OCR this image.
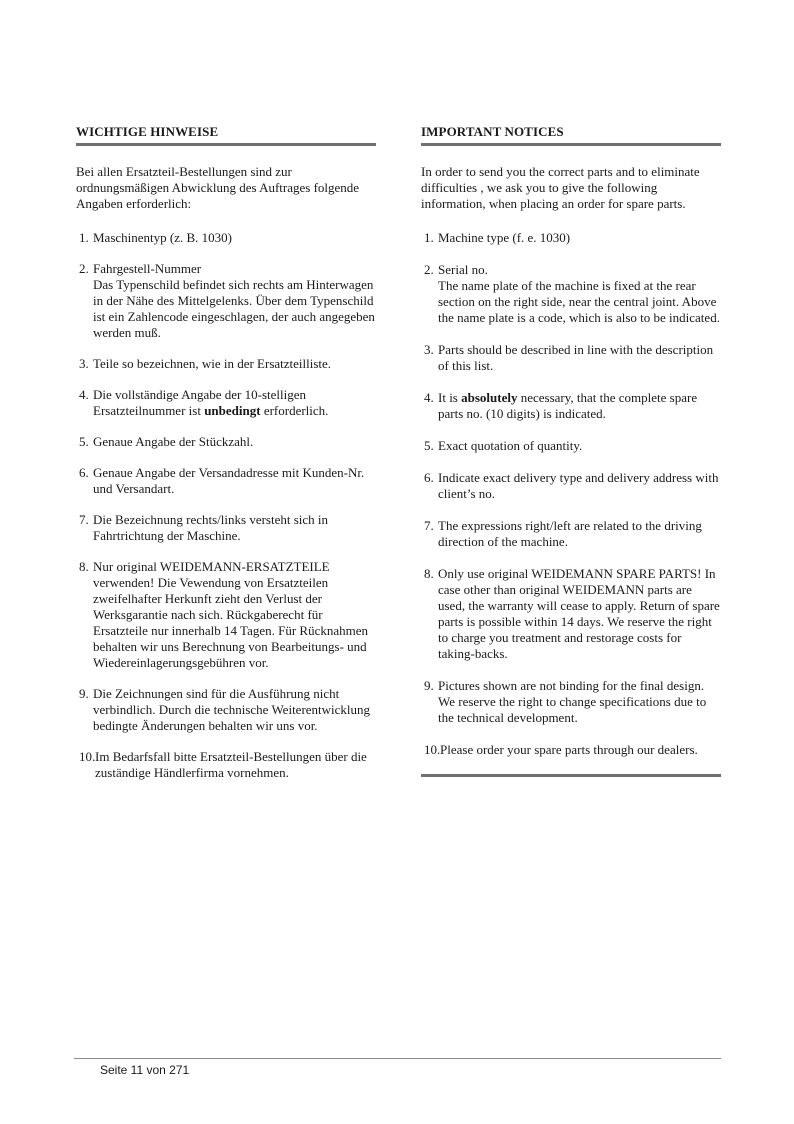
WICHTIGE HINWEISE

Bei allen Ersatzteil-Bestellungen sind zur ordnungsmäßigen Abwicklung des Auftrages folgende Angaben erforderlich:

1. Maschinentyp (z. B. 1030)
2. Fahrgestell-Nummer
Das Typenschild befindet sich rechts am Hinterwagen in der Nähe des Mittelgelenks. Über dem Typenschild ist ein Zahlencode eingeschlagen, der auch angegeben werden muß.
3. Teile so bezeichnen, wie in der Ersatzteilliste.
4. Die vollständige Angabe der 10-stelligen Ersatzteilnummer ist unbedingt erforderlich.
5. Genaue Angabe der Stückzahl.
6. Genaue Angabe der Versandadresse mit Kunden-Nr. und Versandart.
7. Die Bezeichnung rechts/links versteht sich in Fahrtrichtung der Maschine.
8. Nur original WEIDEMANN-ERSATZTEILE verwenden! Die Vewendung von Ersatzteilen zweifelhafter Herkunft zieht den Verlust der Werksgarantie nach sich. Rückgaberecht für Ersatzteile nur innerhalb 14 Tagen. Für Rücknahmen behalten wir uns Berechnung von Bearbeitungs- und Wiedereinlagerungsgebühren vor.
9. Die Zeichnungen sind für die Ausführung nicht verbindlich. Durch die technische Weiterentwicklung bedingte Änderungen behalten wir uns vor.
10. Im Bedarfsfall bitte Ersatzteil-Bestellungen über die zuständige Händlerfirma vornehmen.
IMPORTANT NOTICES

In order to send you the correct parts and to eliminate difficulties , we ask you to give the following information, when placing an order for spare parts.

1. Machine type (f. e. 1030)
2. Serial no.
The name plate of the machine is fixed at the rear section on the right side, near the central joint. Above the name plate is a code, which is also to be indicated.
3. Parts should be described in line with the description of this list.
4. It is absolutely necessary, that the complete spare parts no. (10 digits) is indicated.
5. Exact quotation of quantity.
6. Indicate exact delivery type and delivery address with client’s no.
7. The expressions right/left are related to the driving direction of the machine.
8. Only use original WEIDEMANN SPARE PARTS! In case other than original WEIDEMANN parts are used, the warranty will cease to apply. Return of spare parts is possible within 14 days. We reserve the right to charge you treatment and restorage costs for taking-backs.
9. Pictures shown are not binding for the final design. We reserve the right to change specifications due to the technical development.
10. Please order your spare parts through our dealers.
Seite 11 von 271
